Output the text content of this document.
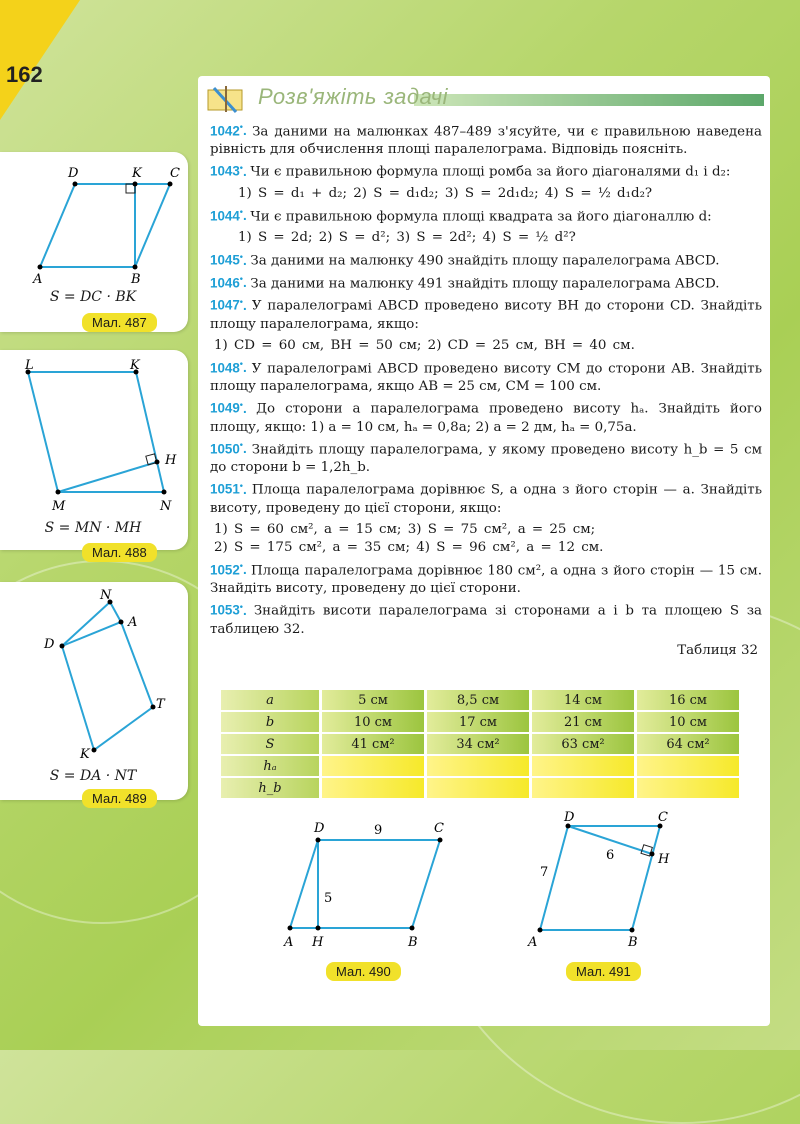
162
D	K C
A	B
S = DC · BK
Мал. 487
L	K
H
M	N
S = MN · MH
Мал. 488
N
A
D
T
K
S = DA · NT
Мал. 489
Розв'яжіть задачі

1042•. За даними на малюнках 487–489 з'ясуйте, чи є правильною наведена рівність для обчислення площі паралелограма. Відповідь поясніть.

1043•. Чи є правильною формула площі ромба за його діагоналями d₁ і d₂:

1) S = d₁ + d₂; 2) S = d₁d₂; 3) S = 2d₁d₂; 4) S = ½ d₁d₂?

1044•. Чи є правильною формула площі квадрата за його діагоналлю d:

1) S = 2d; 2) S = d²; 3) S = 2d²; 4) S = ½ d²?

1045•. За даними на малюнку 490 знайдіть площу паралелограма ABCD.

1046•. За даними на малюнку 491 знайдіть площу паралелограма ABCD.

1047•. У паралелограмі ABCD проведено висоту BH до сторони CD. Знайдіть площу паралелограма, якщо:

1) CD = 60 см, BH = 50 см; 2) CD = 25 см, BH = 40 см.

1048•. У паралелограмі ABCD проведено висоту CM до сторони AB. Знайдіть площу паралелограма, якщо AB = 25 см, CM = 100 см.

1049•. До сторони a паралелограма проведено висоту hₐ. Знайдіть його площу, якщо: 1) a = 10 см, hₐ = 0,8a; 2) a = 2 дм, hₐ = 0,75a.

1050•. Знайдіть площу паралелограма, у якому проведено висоту h_b = 5 см до сторони b = 1,2h_b.

1051•. Площа паралелограма дорівнює S, а одна з його сторін — a. Знайдіть висоту, проведену до цієї сторони, якщо:

1) S = 60 см², a = 15 см; 3) S = 75 см², a = 25 см;
2) S = 175 см², a = 35 см; 4) S = 96 см², a = 12 см.

1052•. Площа паралелограма дорівнює 180 см², а одна з його сторін — 15 см. Знайдіть висоту, проведену до цієї сторони.

1053•. Знайдіть висоти паралелограма зі сторонами a і b та площею S за таблицею 32.

Таблиця 32
a	5 см	8,5 см	14 см	16 см
b	10 см	17 см	21 см	10 см
S	41 см²	34 см²	63 см²	64 см²
hₐ				
h_b				
D	C
A H	B
9
5
Мал. 490
D	C
H
A	B
7
6
Мал. 491
